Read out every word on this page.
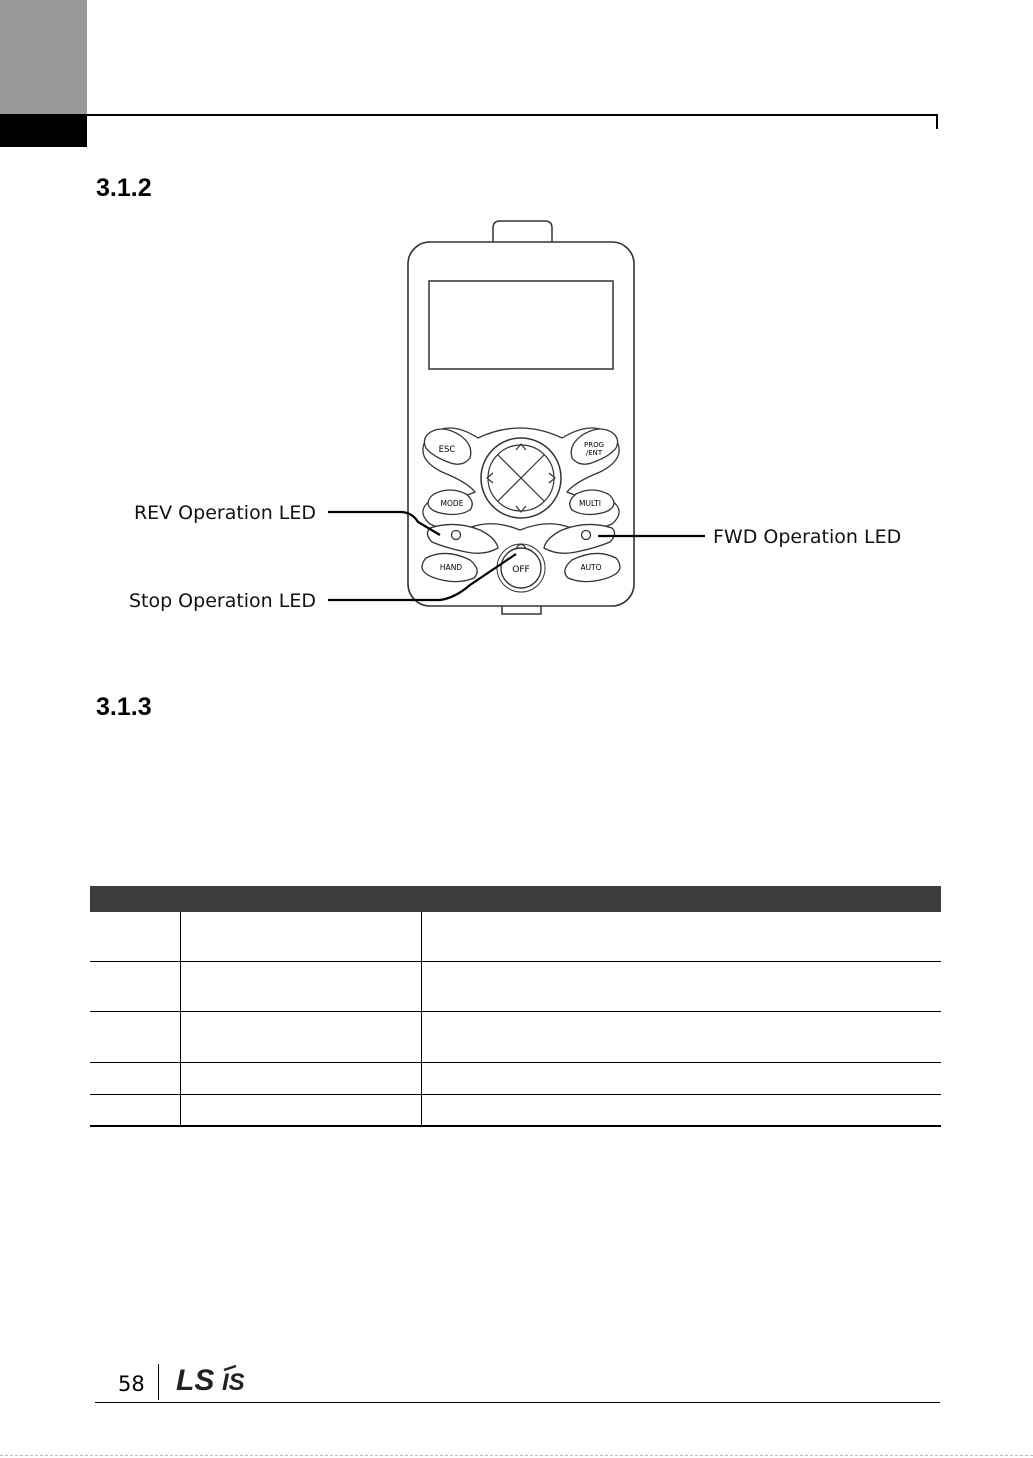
3.1.2
ESC	PROG
/ENT
MODE	MULTI
HAND	AUTO
OFF
REV Operation LED
Stop Operation LED
FWD Operation LED
3.1.3

58 LS IS
